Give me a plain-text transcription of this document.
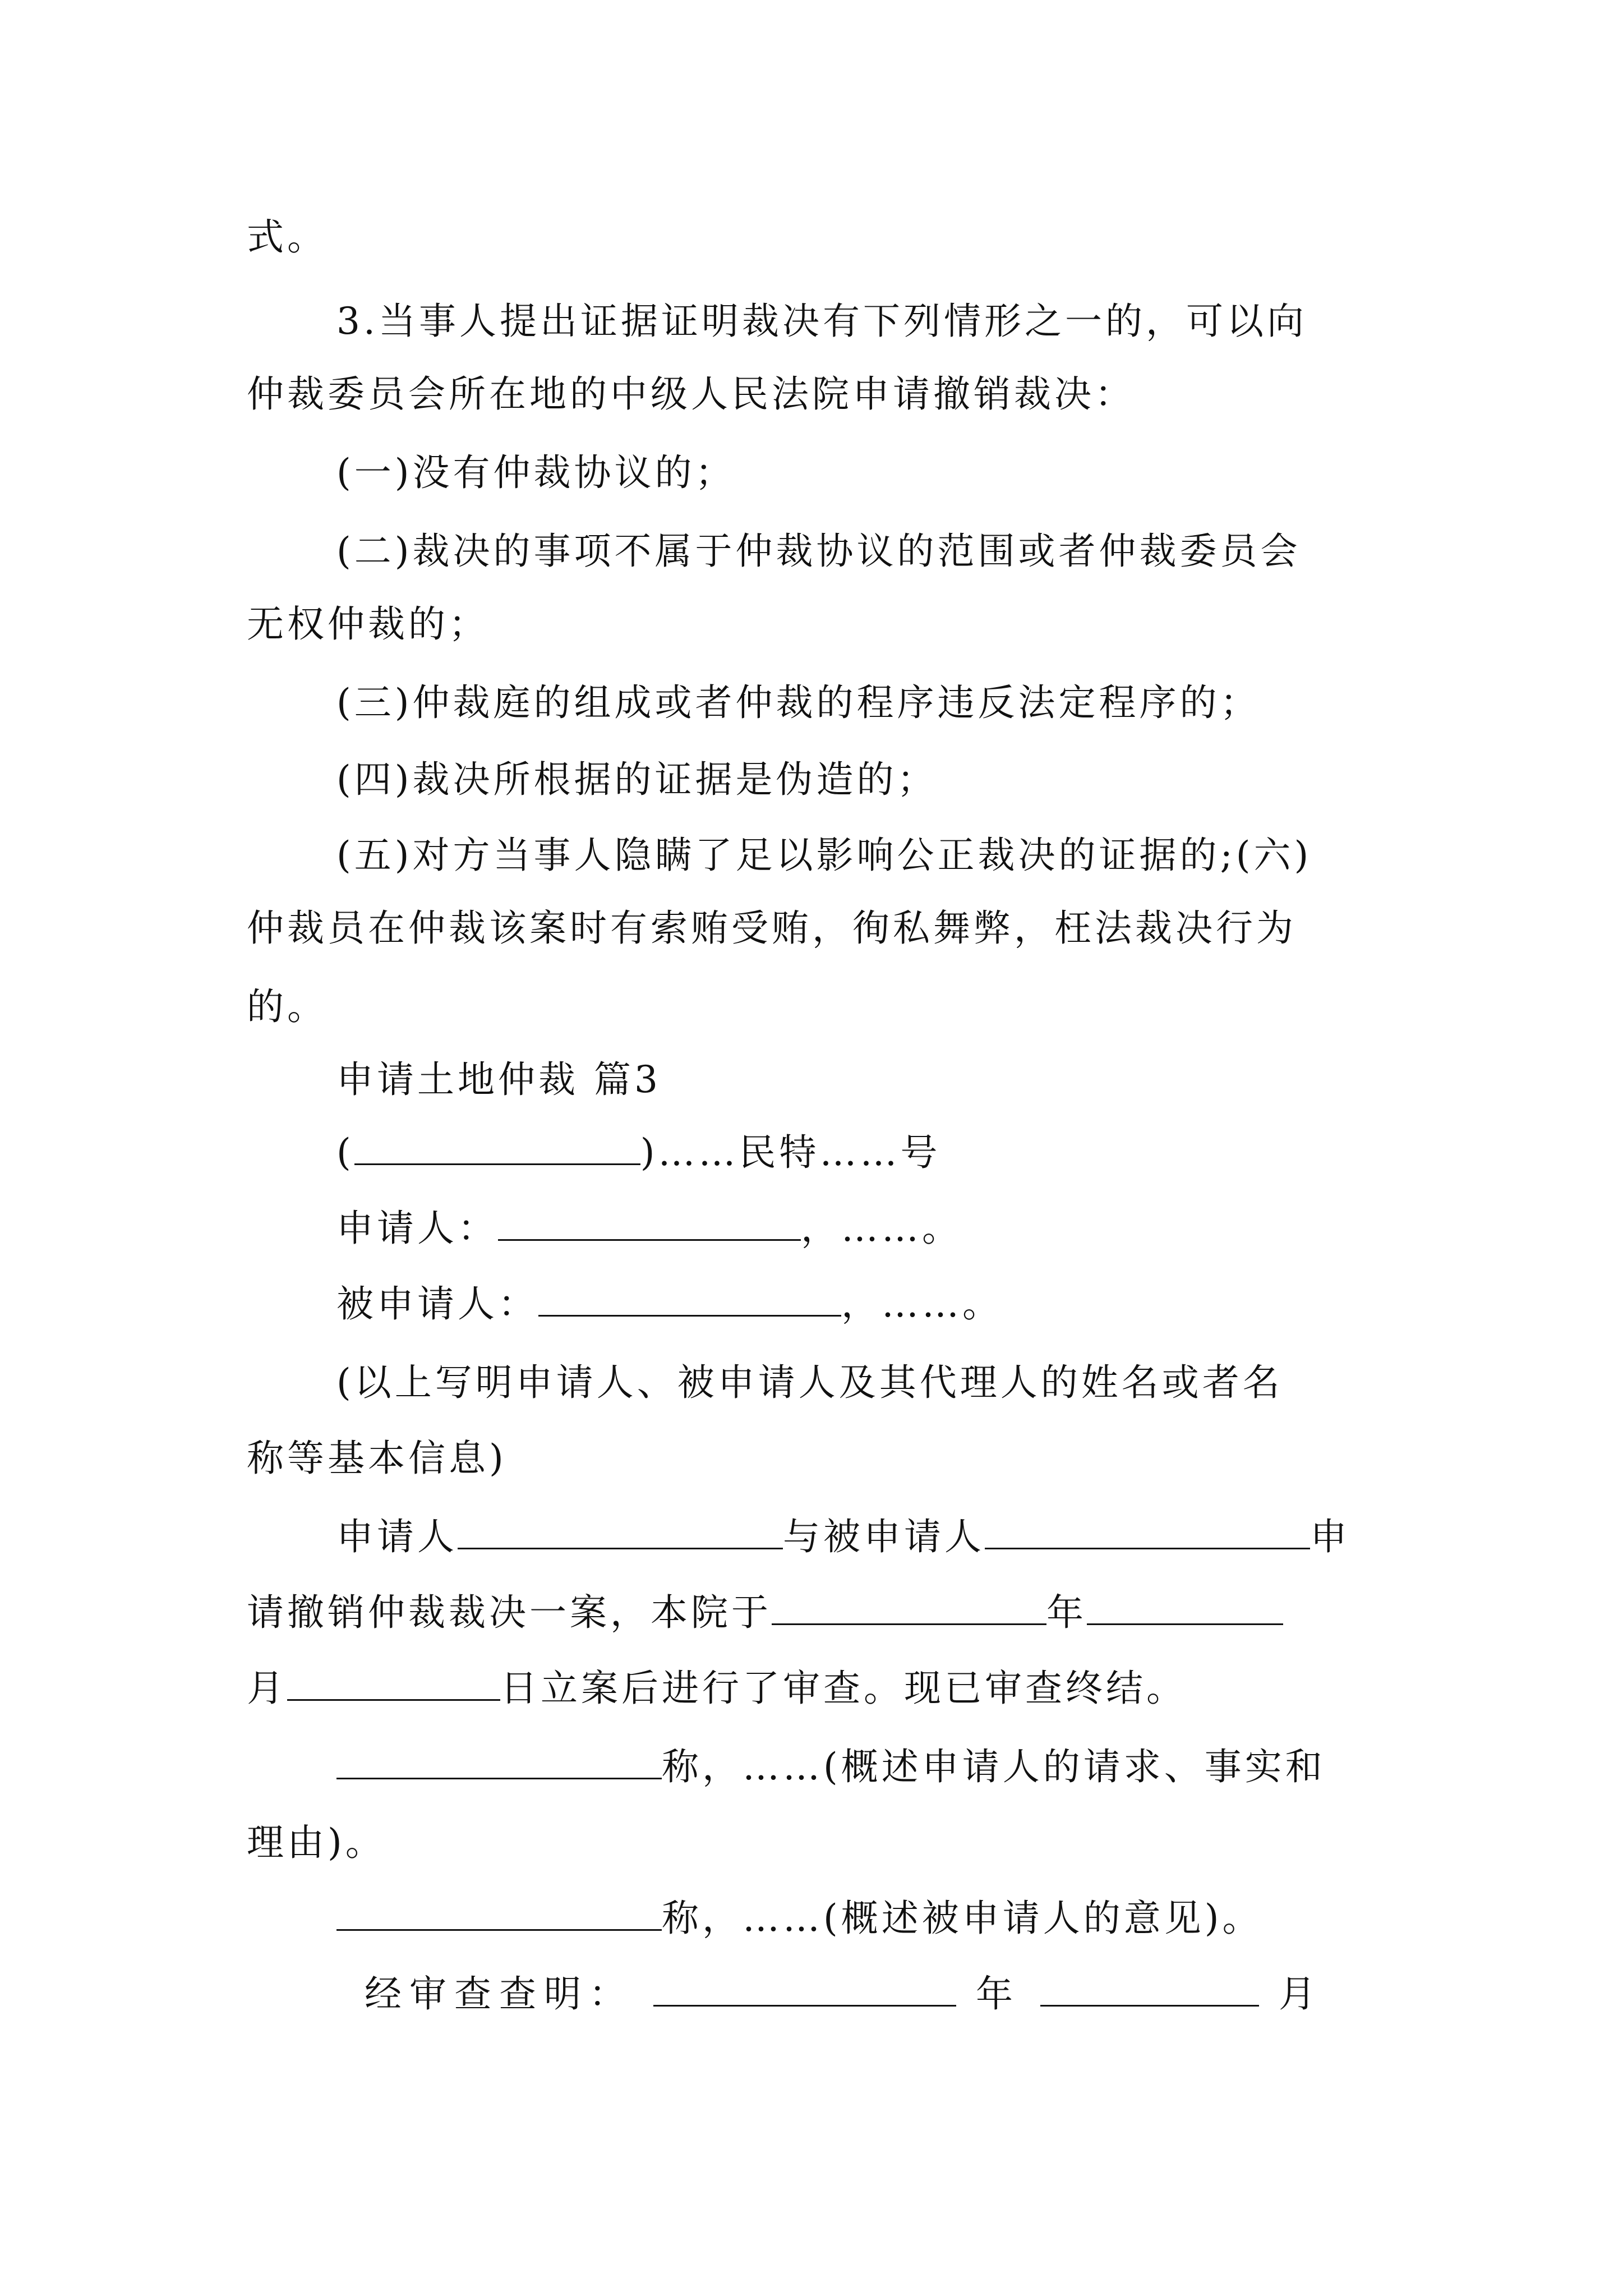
式。
3.当事人提出证据证明裁决有下列情形之一的，可以向
仲裁委员会所在地的中级人民法院申请撤销裁决：
(一)没有仲裁协议的；
(二)裁决的事项不属于仲裁协议的范围或者仲裁委员会
无权仲裁的；
(三)仲裁庭的组成或者仲裁的程序违反法定程序的；
(四)裁决所根据的证据是伪造的；
(五)对方当事人隐瞒了足以影响公正裁决的证据的;(六)
仲裁员在仲裁该案时有索贿受贿，徇私舞弊，枉法裁决行为
的。
申请土地仲裁 篇3
(	)……民特……号
申请人：	，……。
被申请人：	，……。
(以上写明申请人、被申请人及其代理人的姓名或者名
称等基本信息)
申请人	与被申请人	申
请撤销仲裁裁决一案，本院于	年
月	日立案后进行了审查。现已审查终结。
称，……(概述申请人的请求、事实和
理由)。
称，……(概述被申请人的意见)。
经审查查明：	年	月
